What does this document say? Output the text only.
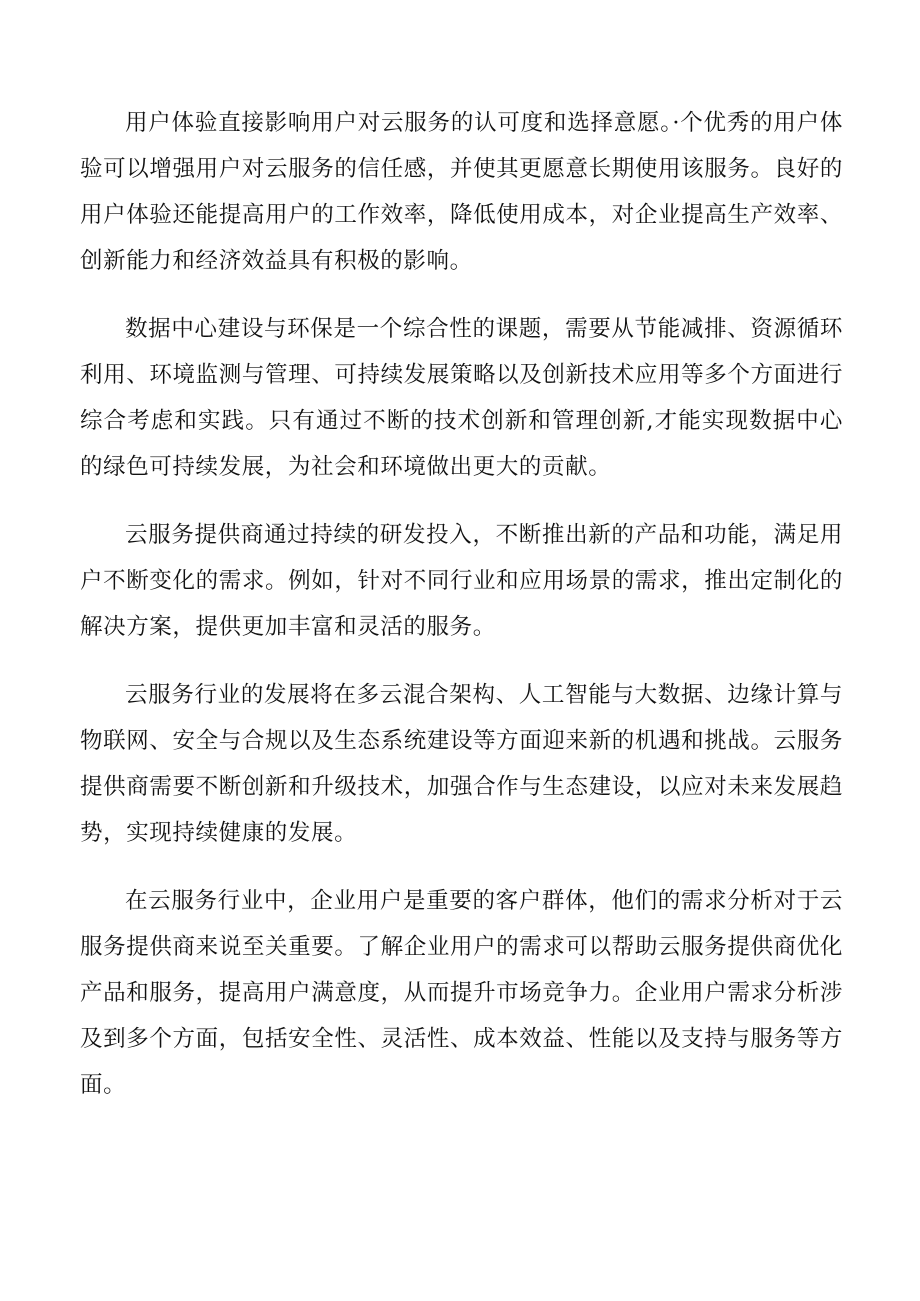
用户体验直接影响用户对云服务的认可度和选择意愿。·个优秀的用户体验可以增强用户对云服务的信任感，并使其更愿意长期使用该服务。良好的用户体验还能提高用户的工作效率，降低使用成本，对企业提高生产效率、创新能力和经济效益具有积极的影响。

数据中心建设与环保是一个综合性的课题，需要从节能减排、资源循环利用、环境监测与管理、可持续发展策略以及创新技术应用等多个方面进行综合考虑和实践。只有通过不断的技术创新和管理创新,才能实现数据中心的绿色可持续发展，为社会和环境做出更大的贡献。

云服务提供商通过持续的研发投入，不断推出新的产品和功能，满足用户不断变化的需求。例如，针对不同行业和应用场景的需求，推出定制化的解决方案，提供更加丰富和灵活的服务。

云服务行业的发展将在多云混合架构、人工智能与大数据、边缘计算与物联网、安全与合规以及生态系统建设等方面迎来新的机遇和挑战。云服务提供商需要不断创新和升级技术，加强合作与生态建设，以应对未来发展趋势，实现持续健康的发展。

在云服务行业中，企业用户是重要的客户群体，他们的需求分析对于云服务提供商来说至关重要。了解企业用户的需求可以帮助云服务提供商优化产品和服务，提高用户满意度，从而提升市场竞争力。企业用户需求分析涉及到多个方面，包括安全性、灵活性、成本效益、性能以及支持与服务等方面。
